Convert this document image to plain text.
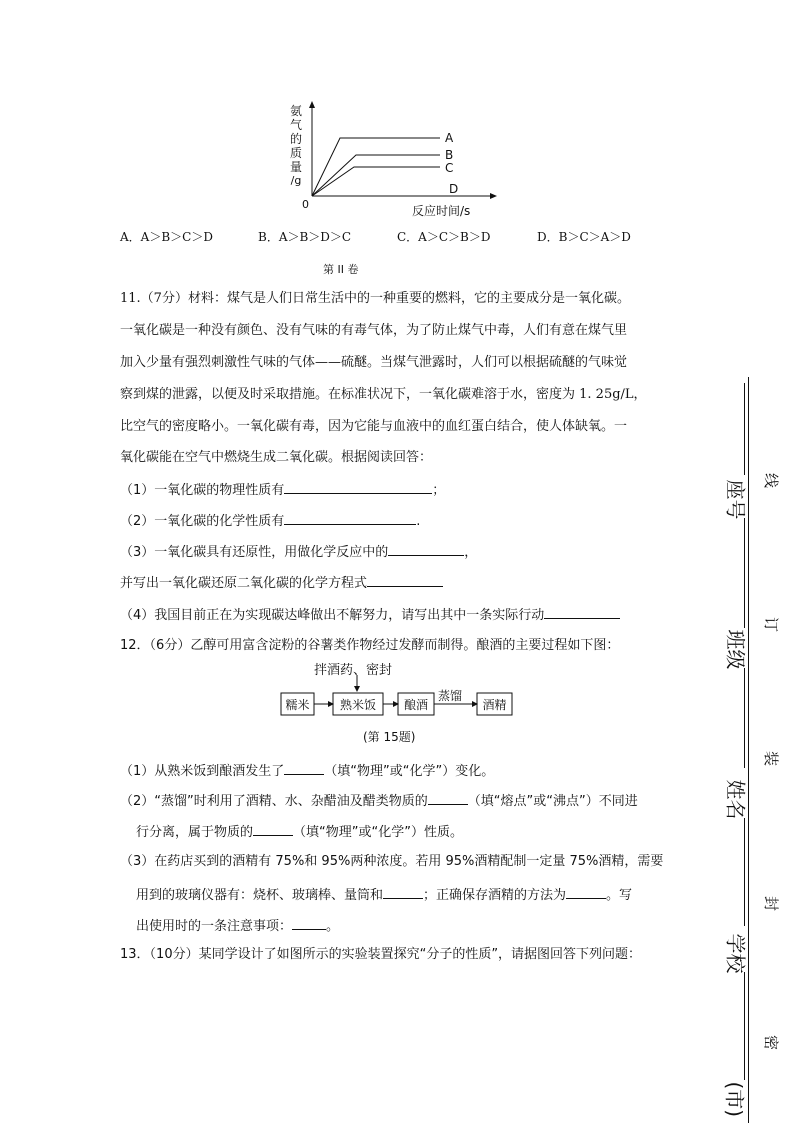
氨
气
的
质
量
/g
0	反应时间/s
A
B
C
D
A．A＞B＞C＞D	B．A＞B＞D＞C	C．A＞C＞B＞D	D．B＞C＞A＞D
第 II 卷
11.（7分）材料：煤气是人们日常生活中的一种重要的燃料，它的主要成分是一氧化碳。
一氧化碳是一种没有颜色、没有气味的有毒气体，为了防止煤气中毒，人们有意在煤气里
加入少量有强烈刺激性气味的气体——硫醚。当煤气泄露时，人们可以根据硫醚的气味觉
察到煤的泄露，以便及时采取措施。在标准状况下，一氧化碳难溶于水，密度为 1. 25g/L，
比空气的密度略小。一氧化碳有毒，因为它能与血液中的血红蛋白结合，使人体缺氧。一
氧化碳能在空气中燃烧生成二氧化碳。根据阅读回答：
（1）一氧化碳的物理性质有	；
（2）一氧化碳的化学性质有	.
（3）一氧化碳具有还原性，用做化学反应中的	，
并写出一氧化碳还原二氧化碳的化学方程式
（4）我国目前正在为实现碳达峰做出不解努力，请写出其中一条实际行动
12．（6分）乙醇可用富含淀粉的谷薯类作物经过发酵而制得。酿酒的主要过程如下图：
拌酒药、密封
糯米	熟米饭	酿酒	酒精
蒸馏
(第 15题)
（1）从熟米饭到酿酒发生了	（填“物理”或“化学”）变化。
（2）“蒸馏”时利用了酒精、水、杂醋油及醋类物质的	（填“熔点”或“沸点”）不同进
行分离，属于物质的	（填“物理”或“化学”）性质。
（3）在药店买到的酒精有 75%和 95%两种浓度。若用 95%酒精配制一定量 75%酒精，需要
用到的玻璃仪器有：烧杯、玻璃棒、量筒和	；正确保存酒精的方法为	。写
出使用时的一条注意事项：	。
13．（10分）某同学设计了如图所示的实验装置探究“分子的性质”，请据图回答下列问题：
座号
班级
姓名
学校
(市)
线
订
装
封
密
